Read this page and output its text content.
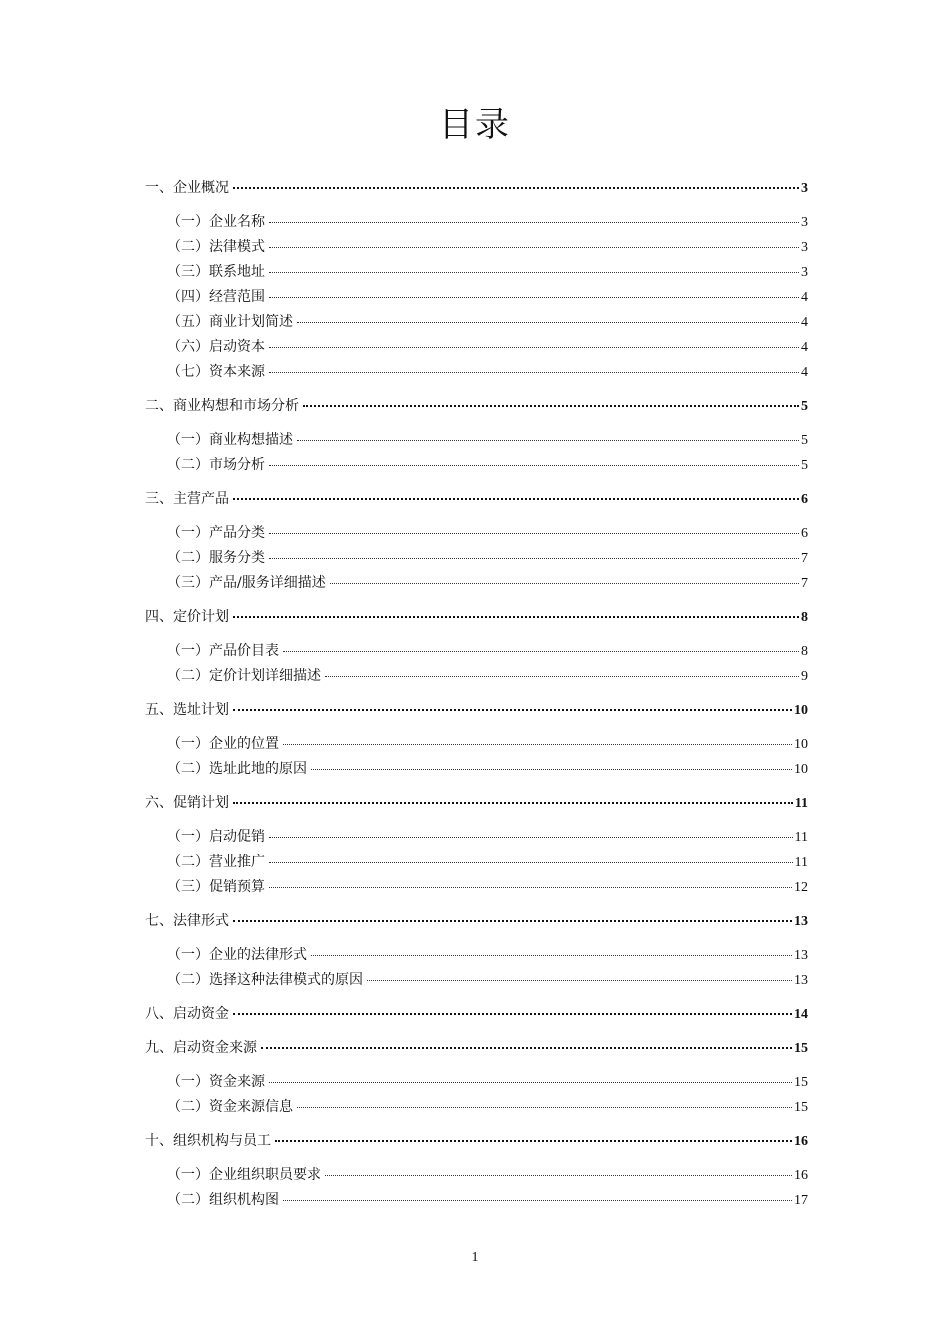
目录
一、企业概况	3
（一）企业名称	3
（二）法律模式	3
（三）联系地址	3
（四）经营范围	4
（五）商业计划简述	4
（六）启动资本	4
（七）资本来源	4
二、商业构想和市场分析	5
（一）商业构想描述	5
（二）市场分析	5
三、主营产品	6
（一）产品分类	6
（二）服务分类	7
（三）产品/服务详细描述	7
四、定价计划	8
（一）产品价目表	8
（二）定价计划详细描述	9
五、选址计划	10
（一）企业的位置	10
（二）选址此地的原因	10
六、促销计划	11
（一）启动促销	11
（二）营业推广	11
（三）促销预算	12
七、法律形式	13
（一）企业的法律形式	13
（二）选择这种法律模式的原因	13
八、启动资金	14
九、启动资金来源	15
（一）资金来源	15
（二）资金来源信息	15
十、组织机构与员工	16
（一）企业组织职员要求	16
（二）组织机构图	17
1
